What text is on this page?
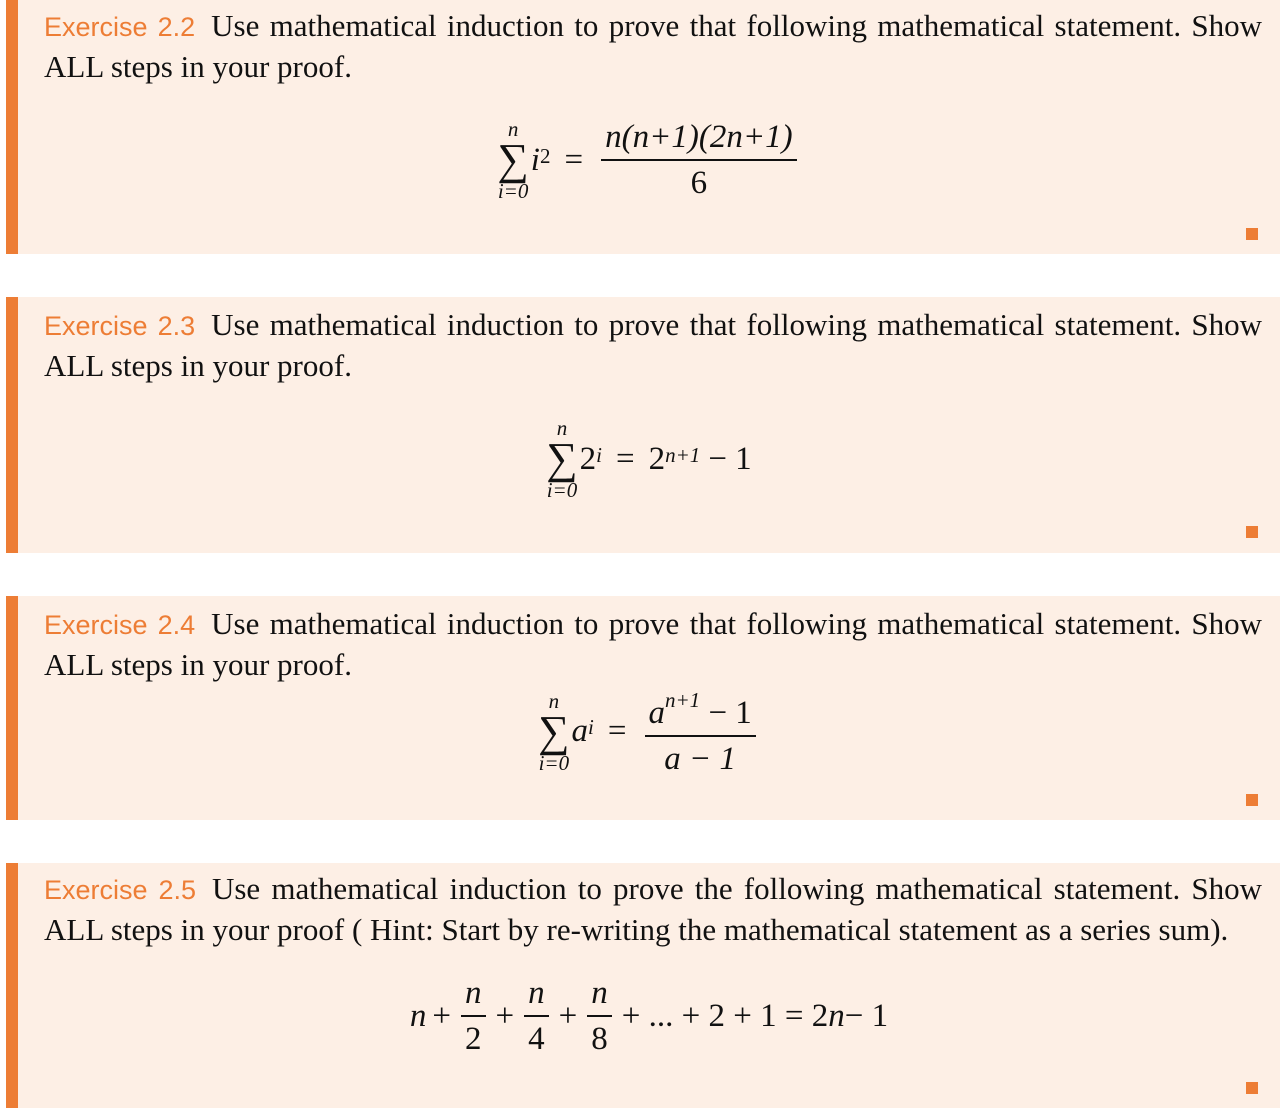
Exercise 2.2 Use mathematical induction to prove that following mathematical statement. Show ALL steps in your proof.
n
∑
i=0
i $2 = \frac{n(n+1)(2n+1)}{6}$
Exercise 2.3 Use mathematical induction to prove that following mathematical statement. Show ALL steps in your proof.
n
∑
i=0
2 i = 2 n+1 − 1
Exercise 2.4 Use mathematical induction to prove that following mathematical statement. Show ALL steps in your proof.
n
∑
i=0
a $i = \frac{a^{n+1} - 1}{a - 1}$
Exercise 2.5 Use mathematical induction to prove the following mathematical statement. Show ALL steps in your proof ( Hint: Start by re-writing the mathematical statement as a series sum).
$n + \frac{n}{2} + \frac{n}{4} + \frac{n}{8}$ + ... + 2 + 1 = 2 n − 1
